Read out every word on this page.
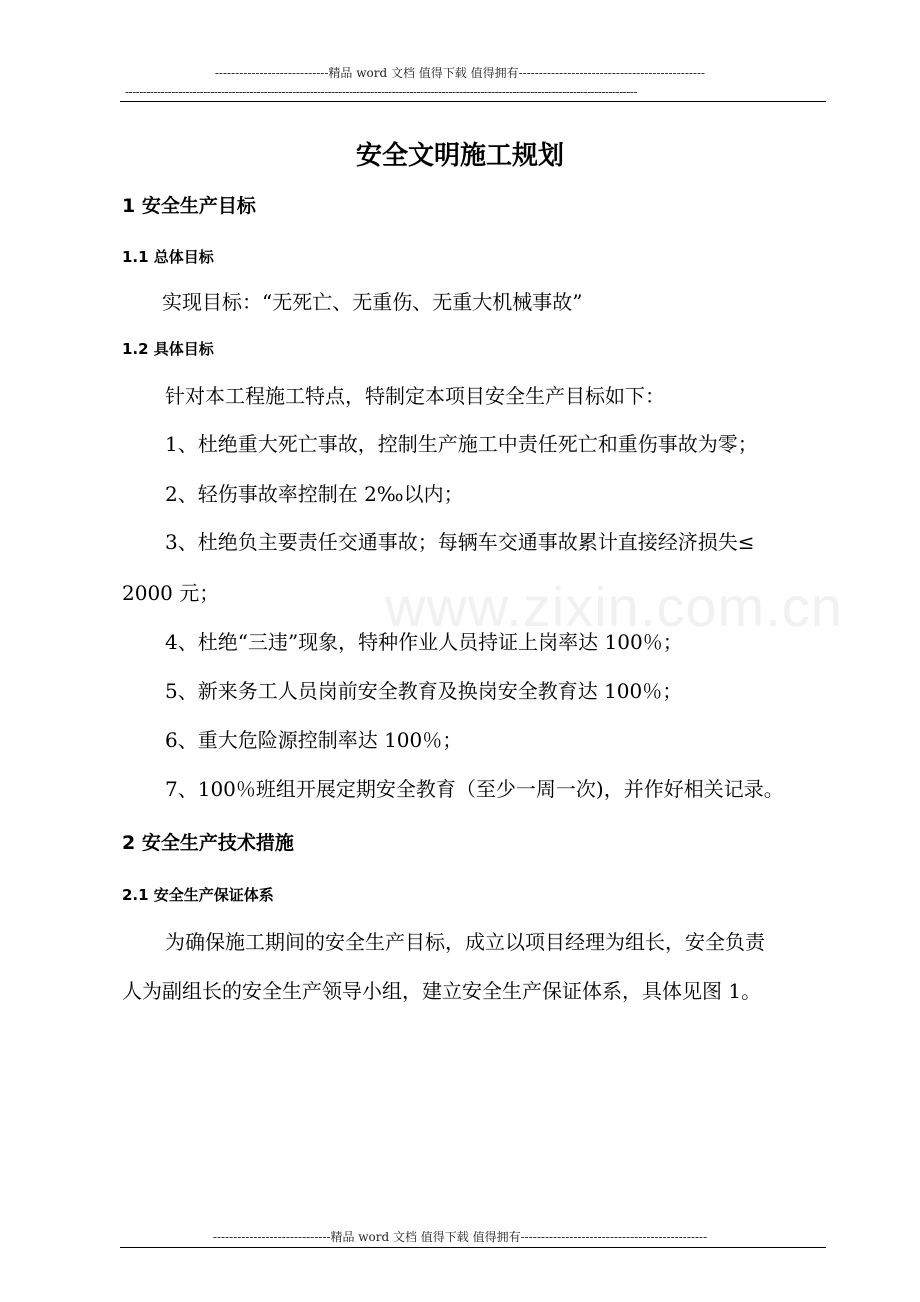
----------------------------精品 word 文档 值得下载 值得拥有----------------------------------------------
------------------------------------------------------------------------------------------------------------------------------------------------
www.zixin.com.cn
安全文明施工规划
1 安全生产目标
1.1 总体目标
实现目标：“无死亡、无重伤、无重大机械事故”
1.2 具体目标
针对本工程施工特点，特制定本项目安全生产目标如下：
1、杜绝重大死亡事故，控制生产施工中责任死亡和重伤事故为零；
2、轻伤事故率控制在 2‰以内；
3、杜绝负主要责任交通事故；每辆车交通事故累计直接经济损失≤
2000 元；
4、杜绝“三违”现象，特种作业人员持证上岗率达 100％；
5、新来务工人员岗前安全教育及换岗安全教育达 100％；
6、重大危险源控制率达 100％；
7、100％班组开展定期安全教育（至少一周一次)，并作好相关记录。
2 安全生产技术措施
2.1 安全生产保证体系
为确保施工期间的安全生产目标，成立以项目经理为组长，安全负责
人为副组长的安全生产领导小组，建立安全生产保证体系，具体见图 1。
-----------------------------精品 word 文档 值得下载 值得拥有----------------------------------------------
